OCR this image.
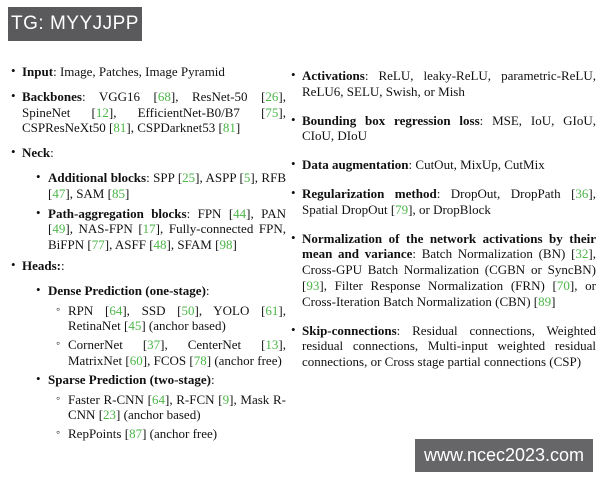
TG: MYYJJPP
• Input: Image, Patches, Image Pyramid
• Backbones: VGG16 [68], ResNet-50 [26], SpineNet [12], EfficientNet-B0/B7 [75], CSPResNeXt50 [81], CSPDarknet53 [81]
• Neck:
• Additional blocks: SPP [25], ASPP [5], RFB [47], SAM [85]
• Path-aggregation blocks: FPN [44], PAN [49], NAS-FPN [17], Fully-connected FPN, BiFPN [77], ASFF [48], SFAM [98]
• Heads::
• Dense Prediction (one-stage):
◦ RPN [64], SSD [50], YOLO [61], RetinaNet [45] (anchor based)
◦ CornerNet [37], CenterNet [13], MatrixNet [60], FCOS [78] (anchor free)
• Sparse Prediction (two-stage):
◦ Faster R-CNN [64], R-FCN [9], Mask R-CNN [23] (anchor based)
◦ RepPoints [87] (anchor free)
• Activations: ReLU, leaky-ReLU, parametric-ReLU, ReLU6, SELU, Swish, or Mish
• Bounding box regression loss: MSE, IoU, GIoU, CIoU, DIoU
• Data augmentation: CutOut, MixUp, CutMix
• Regularization method: DropOut, DropPath [36], Spatial DropOut [79], or DropBlock
• Normalization of the network activations by their mean and variance: Batch Normalization (BN) [32], Cross-GPU Batch Normalization (CGBN or SyncBN) [93], Filter Response Normalization (FRN) [70], or Cross-Iteration Batch Normalization (CBN) [89]
• Skip-connections: Residual connections, Weighted residual connections, Multi-input weighted residual connections, or Cross stage partial connections (CSP)
www.ncec2023.com
